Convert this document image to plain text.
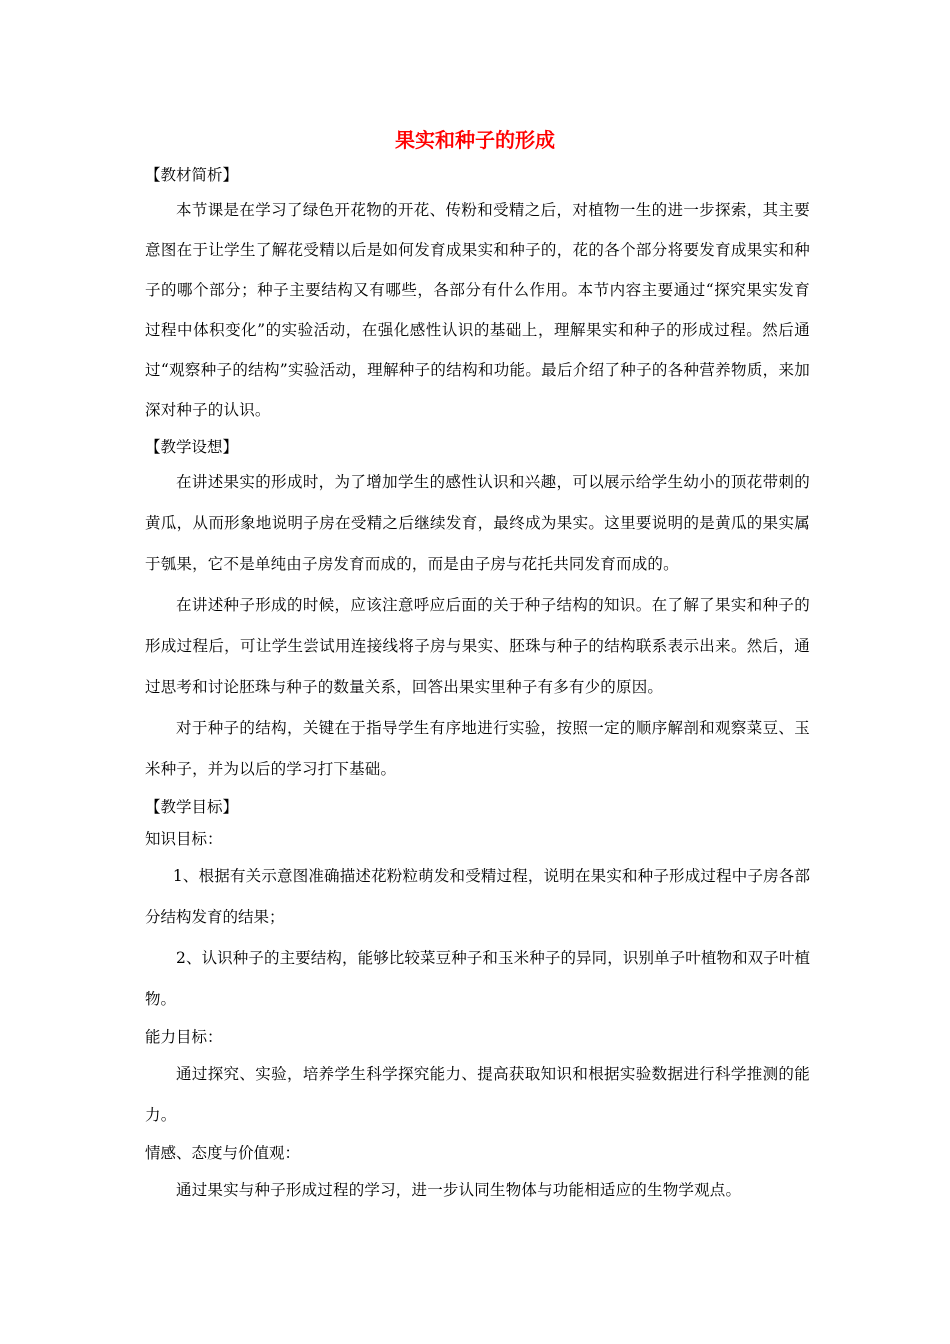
果实和种子的形成
【教材简析】

本节课是在学习了绿色开花物的开花、传粉和受精之后，对植物一生的进一步探索，其主要意图在于让学生了解花受精以后是如何发育成果实和种子的，花的各个部分将要发育成果实和种子的哪个部分；种子主要结构又有哪些，各部分有什么作用。本节内容主要通过“探究果实发育过程中体积变化”的实验活动，在强化感性认识的基础上，理解果实和种子的形成过程。然后通过“观察种子的结构”实验活动，理解种子的结构和功能。最后介绍了种子的各种营养物质，来加深对种子的认识。

【教学设想】

在讲述果实的形成时，为了增加学生的感性认识和兴趣，可以展示给学生幼小的顶花带刺的黄瓜，从而形象地说明子房在受精之后继续发育，最终成为果实。这里要说明的是黄瓜的果实属于瓠果，它不是单纯由子房发育而成的，而是由子房与花托共同发育而成的。

在讲述种子形成的时候，应该注意呼应后面的关于种子结构的知识。在了解了果实和种子的形成过程后，可让学生尝试用连接线将子房与果实、胚珠与种子的结构联系表示出来。然后，通过思考和讨论胚珠与种子的数量关系，回答出果实里种子有多有少的原因。

对于种子的结构，关键在于指导学生有序地进行实验，按照一定的顺序解剖和观察菜豆、玉米种子，并为以后的学习打下基础。

【教学目标】
知识目标：

1、根据有关示意图准确描述花粉粒萌发和受精过程，说明在果实和种子形成过程中子房各部分结构发育的结果；

2、认识种子的主要结构，能够比较菜豆种子和玉米种子的异同，识别单子叶植物和双子叶植物。

能力目标：

通过探究、实验，培养学生科学探究能力、提高获取知识和根据实验数据进行科学推测的能力。

情感、态度与价值观：

通过果实与种子形成过程的学习，进一步认同生物体与功能相适应的生物学观点。
